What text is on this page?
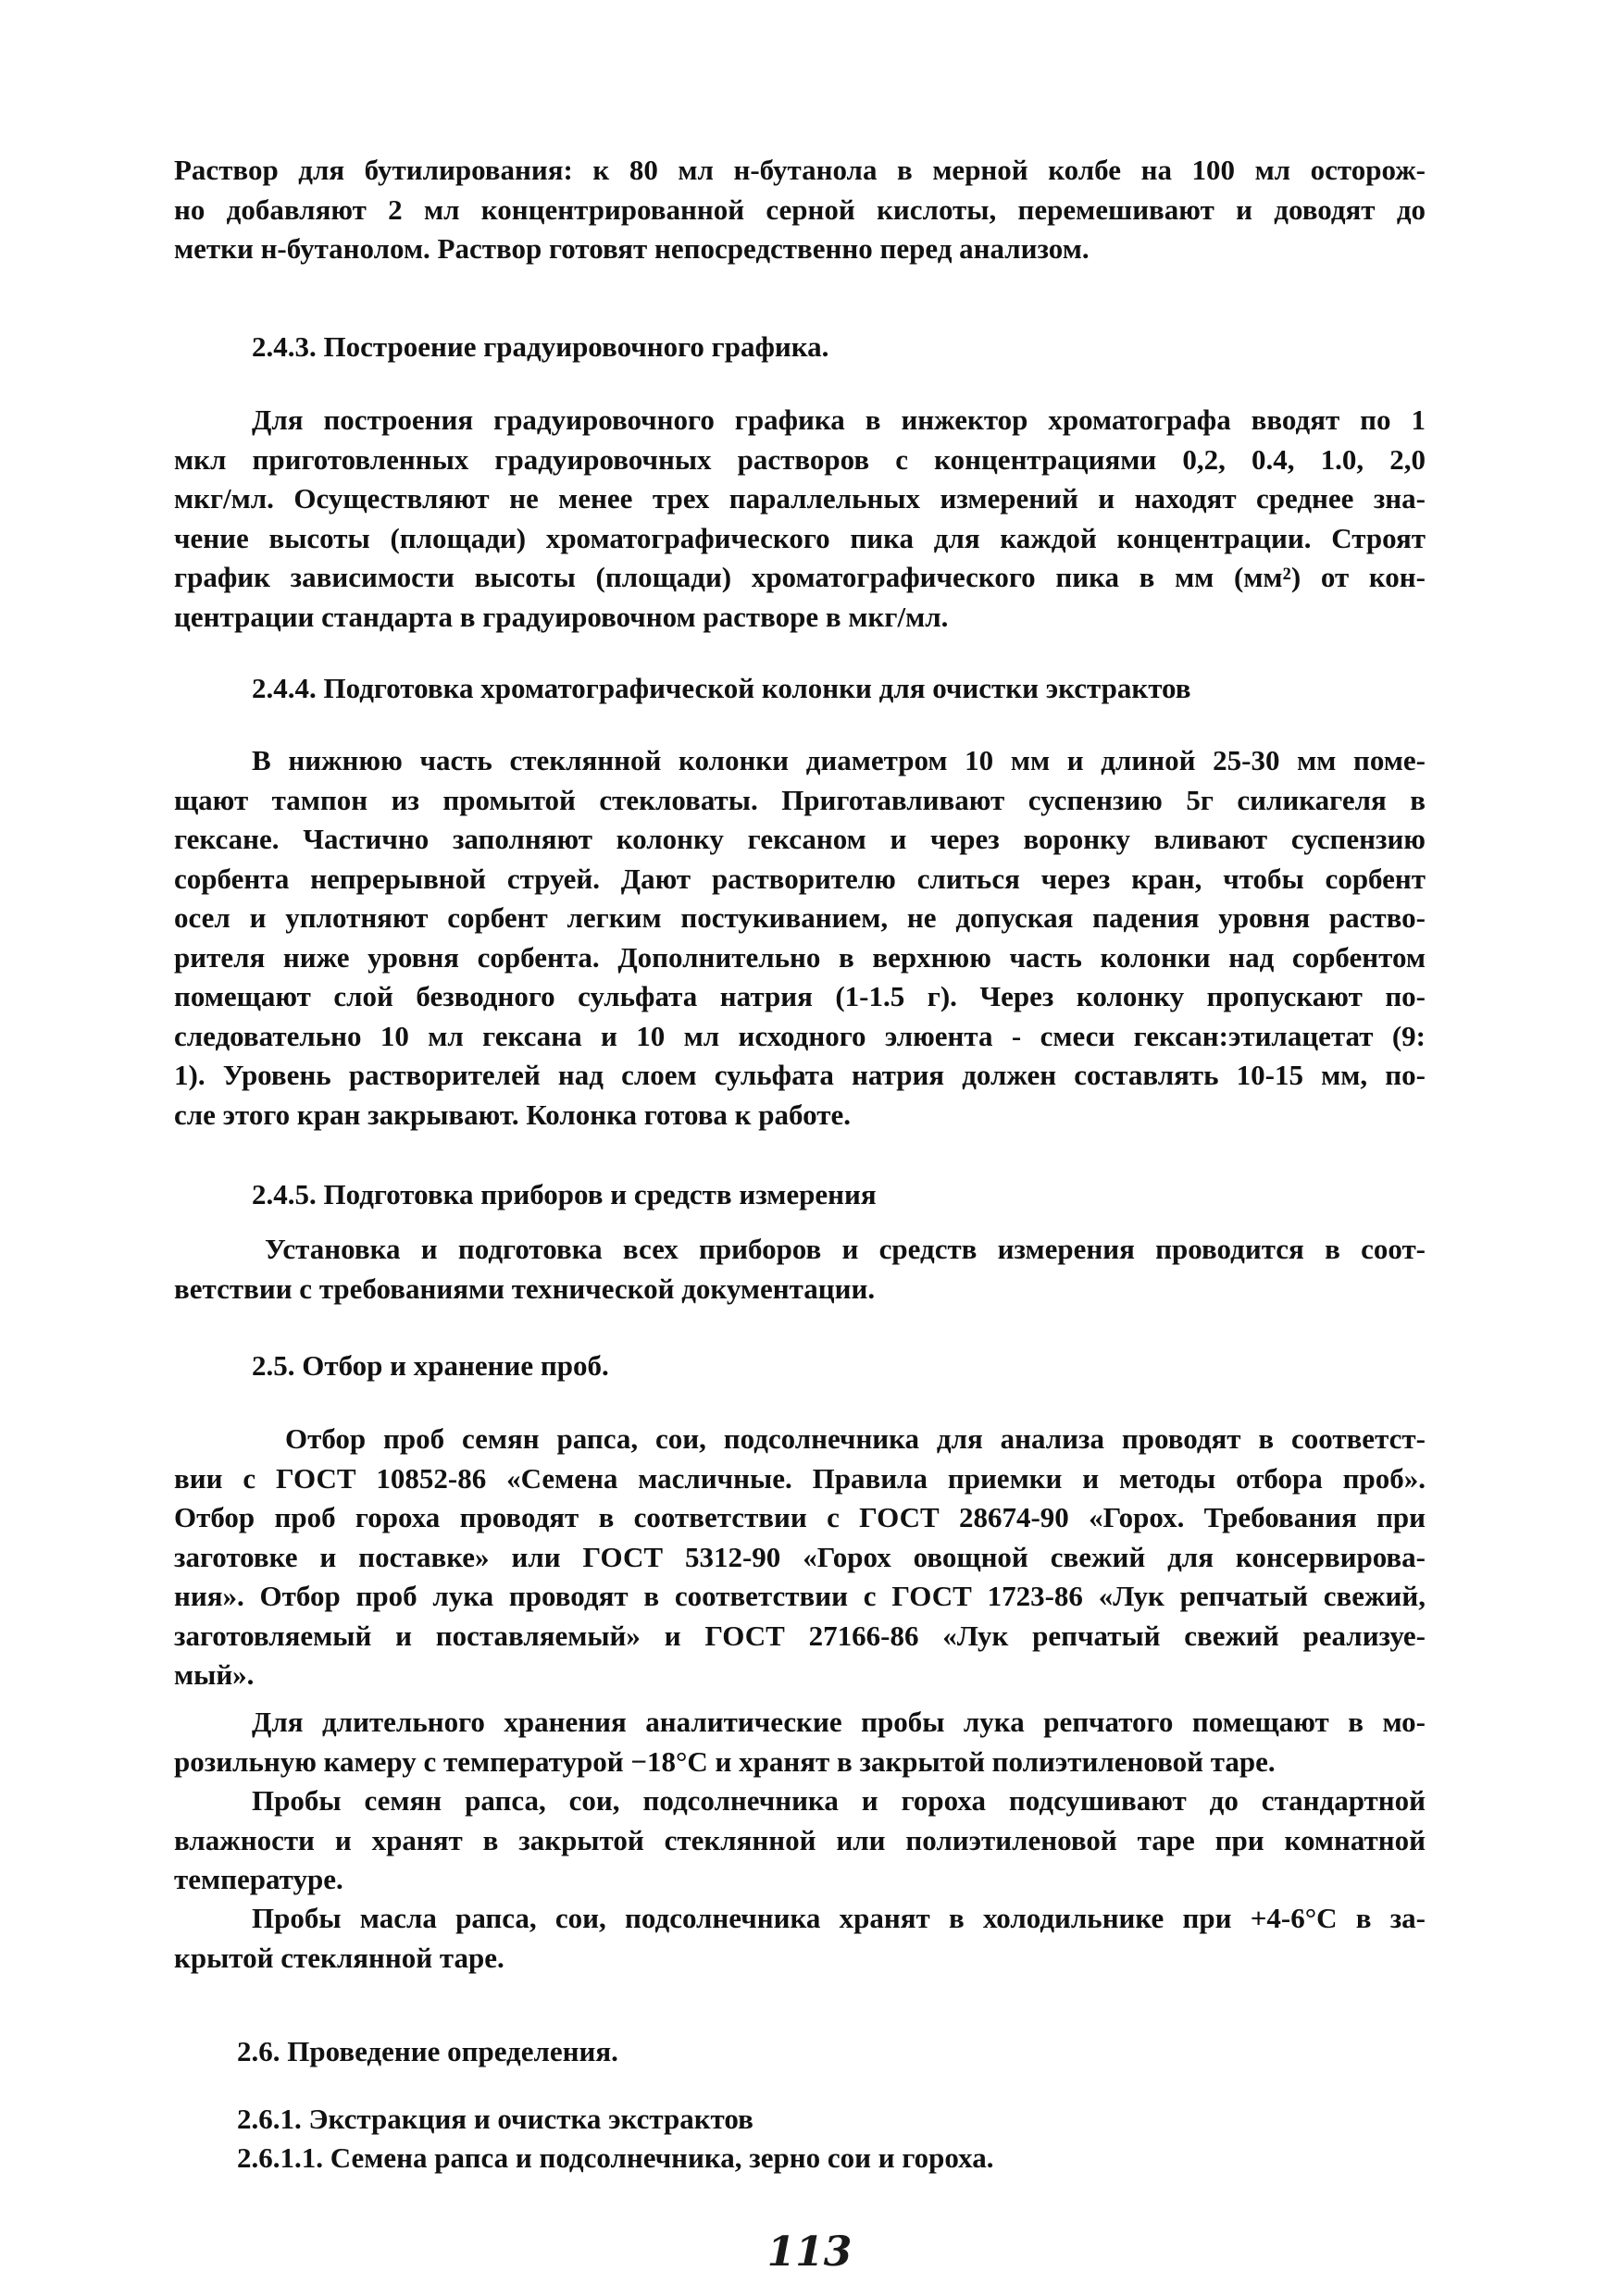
Раствор для бутилирования: к 80 мл н-бутанола в мерной колбе на 100 мл осторож-
но добавляют 2 мл концентрированной серной кислоты, перемешивают и доводят до
метки н-бутанолом. Раствор готовят непосредственно перед анализом.
2.4.3. Построение градуировочного графика.
Для построения градуировочного графика в инжектор хроматографа вводят по 1
мкл приготовленных градуировочных растворов с концентрациями 0,2, 0.4, 1.0, 2,0
мкг/мл. Осуществляют не менее трех параллельных измерений и находят среднее зна-
чение высоты (площади) хроматографического пика для каждой концентрации. Строят
график зависимости высоты (площади) хроматографического пика в мм (мм²) от кон-
центрации стандарта в градуировочном растворе в мкг/мл.
2.4.4. Подготовка хроматографической колонки для очистки экстрактов
В нижнюю часть стеклянной колонки диаметром 10 мм и длиной 25-30 мм поме-
щают тампон из промытой стекловаты. Приготавливают суспензию 5г силикагеля в
гексане. Частично заполняют колонку гексаном и через воронку вливают суспензию
сорбента непрерывной струей. Дают растворителю слиться через кран, чтобы сорбент
осел и уплотняют сорбент легким постукиванием, не допуская падения уровня раство-
рителя ниже уровня сорбента. Дополнительно в верхнюю часть колонки над сорбентом
помещают слой безводного сульфата натрия (1-1.5 г). Через колонку пропускают по-
следовательно 10 мл гексана и 10 мл исходного элюента - смеси гексан:этилацетат (9:
1). Уровень растворителей над слоем сульфата натрия должен составлять 10-15 мм, по-
сле этого кран закрывают. Колонка готова к работе.
2.4.5. Подготовка приборов и средств измерения
Установка и подготовка всех приборов и средств измерения проводится в соот-
ветствии с требованиями технической документации.
2.5. Отбор и хранение проб.
Отбор проб семян рапса, сои, подсолнечника для анализа проводят в соответст-
вии с ГОСТ 10852-86 «Семена масличные. Правила приемки и методы отбора проб».
Отбор проб гороха проводят в соответствии с ГОСТ 28674-90 «Горох. Требования при
заготовке и поставке» или ГОСТ 5312-90 «Горох овощной свежий для консервирова-
ния». Отбор проб лука проводят в соответствии с ГОСТ 1723-86 «Лук репчатый свежий,
заготовляемый и поставляемый» и ГОСТ 27166-86 «Лук репчатый свежий реализуе-
мый».
Для длительного хранения аналитические пробы лука репчатого помещают в мо-
розильную камеру с температурой −18°С и хранят в закрытой полиэтиленовой таре.
Пробы семян рапса, сои, подсолнечника и гороха подсушивают до стандартной
влажности и хранят в закрытой стеклянной или полиэтиленовой таре при комнатной
температуре.
Пробы масла рапса, сои, подсолнечника хранят в холодильнике при +4-6°С в за-
крытой стеклянной таре.
2.6. Проведение определения.
2.6.1. Экстракция и очистка экстрактов
2.6.1.1. Семена рапса и подсолнечника, зерно сои и гороха.
113
